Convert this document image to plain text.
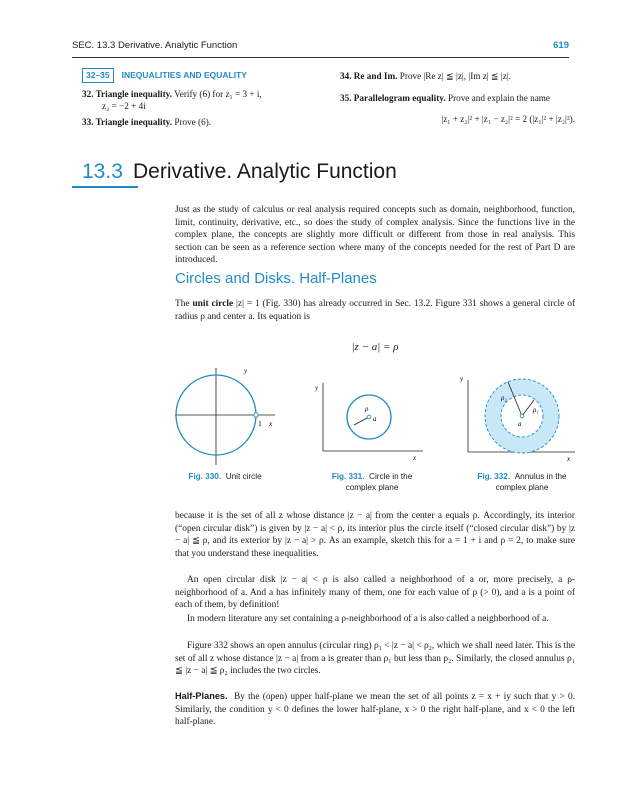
SEC. 13.3 Derivative. Analytic Function	619
32–35 INEQUALITIES AND EQUALITY
32. Triangle inequality. Verify (6) for z₁ = 3 + i,
z₂ = −2 + 4i
33. Triangle inequality. Prove (6).
34. Re and Im. Prove |Re z| ≦ |z|, |Im z| ≦ |z|.
35. Parallelogram equality. Prove and explain the name
|z₁ + z₂|² + |z₁ − z₂|² = 2 (|z₁|² + |z₂|²).
13.3 Derivative. Analytic Function
Just as the study of calculus or real analysis required concepts such as domain, neighborhood, function, limit, continuity, derivative, etc., so does the study of complex analysis. Since the functions live in the complex plane, the concepts are slightly more difficult or different from those in real analysis. This section can be seen as a reference section where many of the concepts needed for the rest of Part D are introduced.
Circles and Disks. Half-Planes
The unit circle |z| = 1 (Fig. 330) has already occurred in Sec. 13.2. Figure 331 shows a general circle of radius ρ and center a. Its equation is
|z − a| = ρ
y
1 x
Fig. 330. Unit circle
y
ρ
a
x
Fig. 331. Circle in the
complex plane
y
ρ₂
ρ₁
a
x
Fig. 332. Annulus in the
complex plane
because it is the set of all z whose distance |z − a| from the center a equals ρ. Accordingly, its interior (“open circular disk”) is given by |z − a| < ρ, its interior plus the circle itself (“closed circular disk”) by |z − a| ≦ ρ, and its exterior by |z − a| > ρ. As an example, sketch this for a = 1 + i and ρ = 2, to make sure that you understand these inequalities.
An open circular disk |z − a| < ρ is also called a neighborhood of a or, more precisely, a ρ-neighborhood of a. And a has infinitely many of them, one for each value of ρ (> 0), and a is a point of each of them, by definition!
In modern literature any set containing a ρ-neighborhood of a is also called a neighborhood of a.
Figure 332 shows an open annulus (circular ring) ρ₁ < |z − a| < ρ₂, which we shall need later. This is the set of all z whose distance |z − a| from a is greater than ρ₁ but less than ρ₂. Similarly, the closed annulus ρ₁ ≦ |z − a| ≦ ρ₂ includes the two circles.
Half-Planes. By the (open) upper half-plane we mean the set of all points z = x + iy such that y > 0. Similarly, the condition y < 0 defines the lower half-plane, x > 0 the right half-plane, and x < 0 the left half-plane.
